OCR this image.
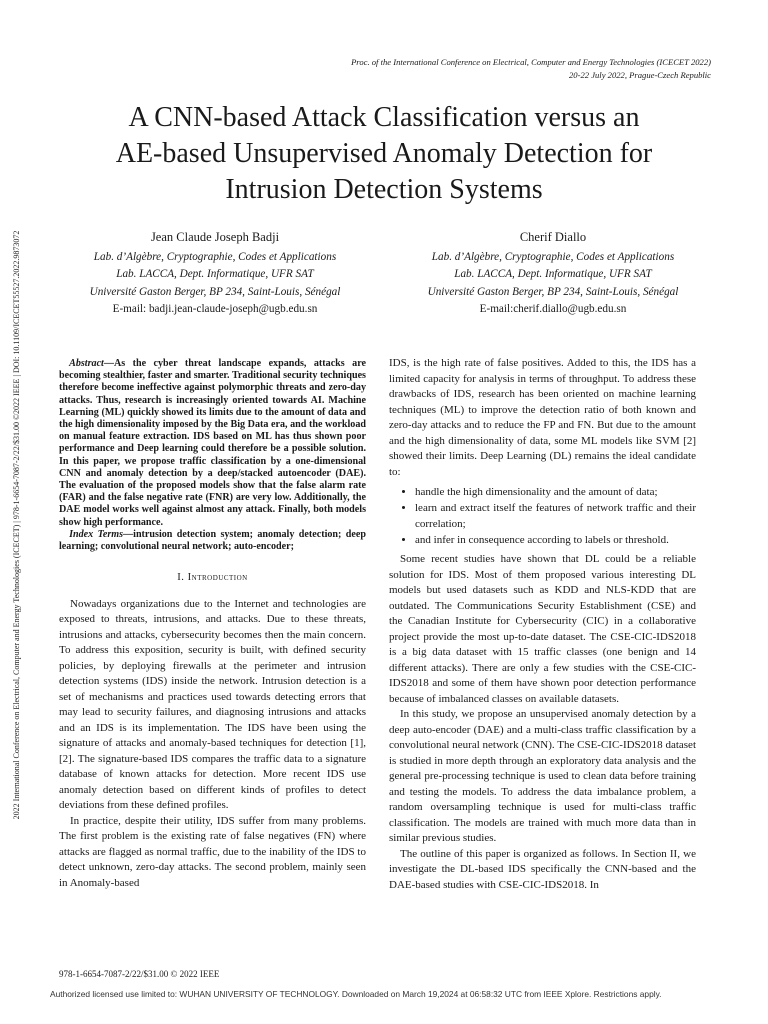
2022 International Conference on Electrical, Computer and Energy Technologies (ICECET) | 978-1-6654-7087-2/22/$31.00 ©2022 IEEE | DOI: 10.1109/ICECET55527.2022.9873072
Proc. of the International Conference on Electrical, Computer and Energy Technologies (ICECET 2022)
20-22 July 2022, Prague-Czech Republic
A CNN-based Attack Classification versus an
AE-based Unsupervised Anomaly Detection for
Intrusion Detection Systems
Jean Claude Joseph Badji
Lab. d’Algèbre, Cryptographie, Codes et Applications
Lab. LACCA, Dept. Informatique, UFR SAT
Université Gaston Berger, BP 234, Saint-Louis, Sénégal
E-mail: badji.jean-claude-joseph@ugb.edu.sn
Cherif Diallo
Lab. d’Algèbre, Cryptographie, Codes et Applications
Lab. LACCA, Dept. Informatique, UFR SAT
Université Gaston Berger, BP 234, Saint-Louis, Sénégal
E-mail:cherif.diallo@ugb.edu.sn

Abstract—As the cyber threat landscape expands, attacks are becoming stealthier, faster and smarter. Traditional security techniques therefore become ineffective against polymorphic threats and zero-day attacks. Thus, research is increasingly oriented towards AI. Machine Learning (ML) quickly showed its limits due to the amount of data and the high dimensionality imposed by the Big Data era, and the workload on manual feature extraction. IDS based on ML has thus shown poor performance and Deep learning could therefore be a possible solution. In this paper, we propose traffic classification by a one-dimensional CNN and anomaly detection by a deep/stacked autoencoder (DAE). The evaluation of the proposed models show that the false alarm rate (FAR) and the false negative rate (FNR) are very low. Additionally, the DAE model works well against almost any attack. Finally, both models show high performance.

Index Terms—intrusion detection system; anomaly detection; deep learning; convolutional neural network; auto-encoder;

I. Introduction

Nowadays organizations due to the Internet and technologies are exposed to threats, intrusions, and attacks. Due to these threats, intrusions and attacks, cybersecurity becomes then the main concern. To address this exposition, security is built, with defined security policies, by deploying firewalls at the perimeter and intrusion detection systems (IDS) inside the network. Intrusion detection is a set of mechanisms and practices used towards detecting errors that may lead to security failures, and diagnosing intrusions and attacks and an IDS is its implementation. The IDS have been using the signature of attacks and anomaly-based techniques for detection [1], [2]. The signature-based IDS compares the traffic data to a signature database of known attacks for detection. More recent IDS use anomaly detection based on different kinds of profiles to detect deviations from these defined profiles.

In practice, despite their utility, IDS suffer from many problems. The first problem is the existing rate of false negatives (FN) where attacks are flagged as normal traffic, due to the inability of the IDS to detect unknown, zero-day attacks. The second problem, mainly seen in Anomaly-based

IDS, is the high rate of false positives. Added to this, the IDS has a limited capacity for analysis in terms of throughput. To address these drawbacks of IDS, research has been oriented on machine learning techniques (ML) to improve the detection ratio of both known and zero-day attacks and to reduce the FP and FN. But due to the amount and the high dimensionality of data, some ML models like SVM [2] showed their limits. Deep Learning (DL) remains the ideal candidate to:

• handle the high dimensionality and the amount of data;
• learn and extract itself the features of network traffic and their correlation;
• and infer in consequence according to labels or threshold.

Some recent studies have shown that DL could be a reliable solution for IDS. Most of them proposed various interesting DL models but used datasets such as KDD and NLS-KDD that are outdated. The Communications Security Establishment (CSE) and the Canadian Institute for Cybersecurity (CIC) in a collaborative project provide the most up-to-date dataset. The CSE-CIC-IDS2018 is a big data dataset with 15 traffic classes (one benign and 14 different attacks). There are only a few studies with the CSE-CIC-IDS2018 and some of them have shown poor detection performance because of imbalanced classes on available datasets.

In this study, we propose an unsupervised anomaly detection by a deep auto-encoder (DAE) and a multi-class traffic classification by a convolutional neural network (CNN). The CSE-CIC-IDS2018 dataset is studied in more depth through an exploratory data analysis and the general pre-processing technique is used to clean data before training and testing the models. To address the data imbalance problem, a random oversampling technique is used for multi-class traffic classification. The models are trained with much more data than in similar previous studies.

The outline of this paper is organized as follows. In Section II, we investigate the DL-based IDS specifically the CNN-based and the DAE-based studies with CSE-CIC-IDS2018. In

978-1-6654-7087-2/22/$31.00 © 2022 IEEE
Authorized licensed use limited to: WUHAN UNIVERSITY OF TECHNOLOGY. Downloaded on March 19,2024 at 06:58:32 UTC from IEEE Xplore. Restrictions apply.
